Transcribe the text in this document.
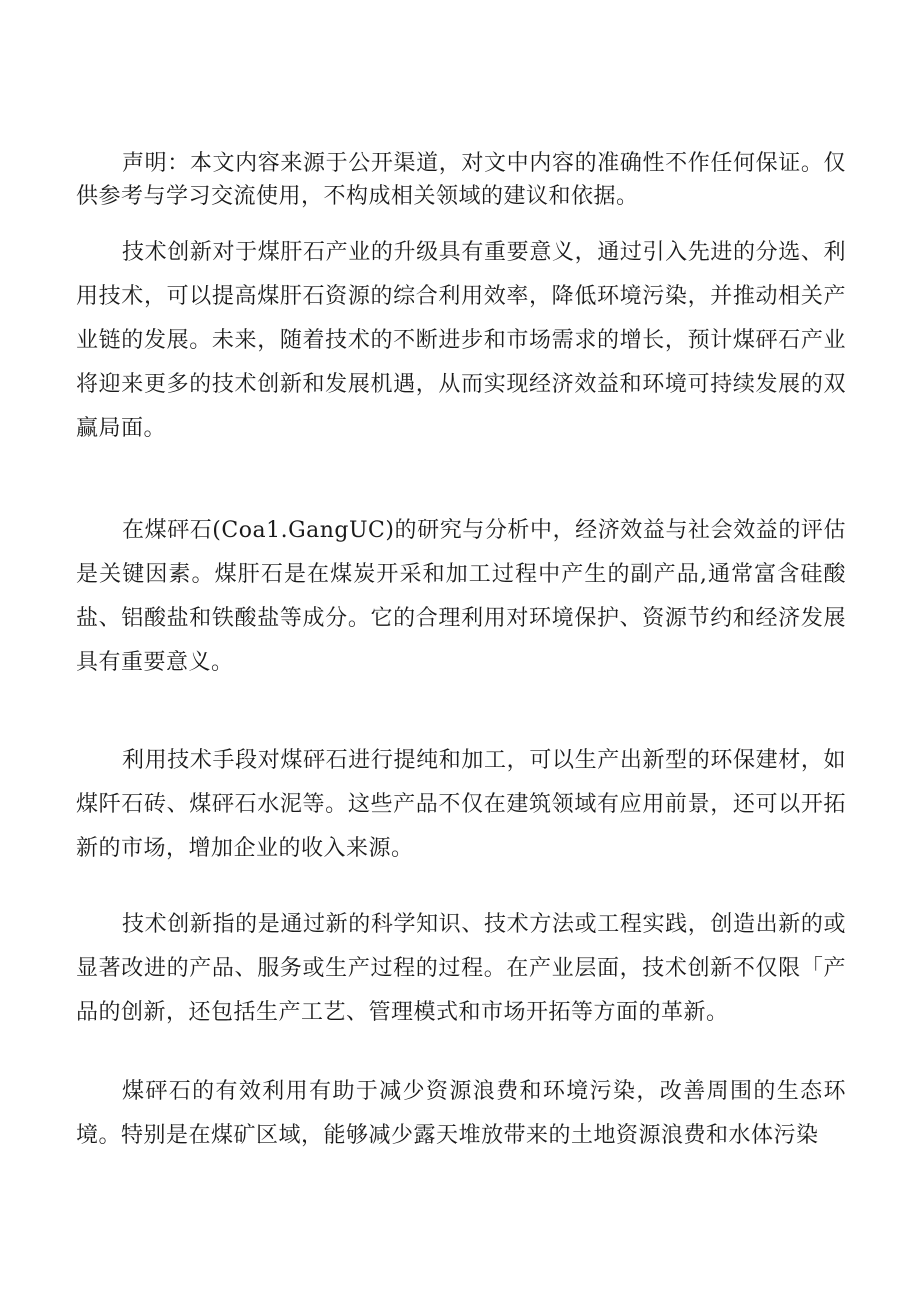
声明：本文内容来源于公开渠道，对文中内容的准确性不作任何保证。仅供参考与学习交流使用，不构成相关领域的建议和依据。

技术创新对于煤肝石产业的升级具有重要意义，通过引入先进的分选、利用技术，可以提高煤肝石资源的综合利用效率，降低环境污染，并推动相关产业链的发展。未来，随着技术的不断进步和市场需求的增长，预计煤砰石产业将迎来更多的技术创新和发展机遇，从而实现经济效益和环境可持续发展的双赢局面。

在煤砰石(Coa1.GangUC)的研究与分析中，经济效益与社会效益的评估是关键因素。煤肝石是在煤炭开采和加工过程中产生的副产品,通常富含硅酸盐、铝酸盐和铁酸盐等成分。它的合理利用对环境保护、资源节约和经济发展具有重要意义。

利用技术手段对煤砰石进行提纯和加工，可以生产出新型的环保建材，如煤阡石砖、煤砰石水泥等。这些产品不仅在建筑领域有应用前景，还可以开拓新的市场，增加企业的收入来源。

技术创新指的是通过新的科学知识、技术方法或工程实践，创造出新的或显著改进的产品、服务或生产过程的过程。在产业层面，技术创新不仅限「产品的创新，还包括生产工艺、管理模式和市场开拓等方面的革新。

煤砰石的有效利用有助于减少资源浪费和环境污染，改善周围的生态环境。特别是在煤矿区域，能够减少露天堆放带来的土地资源浪费和水体污染
